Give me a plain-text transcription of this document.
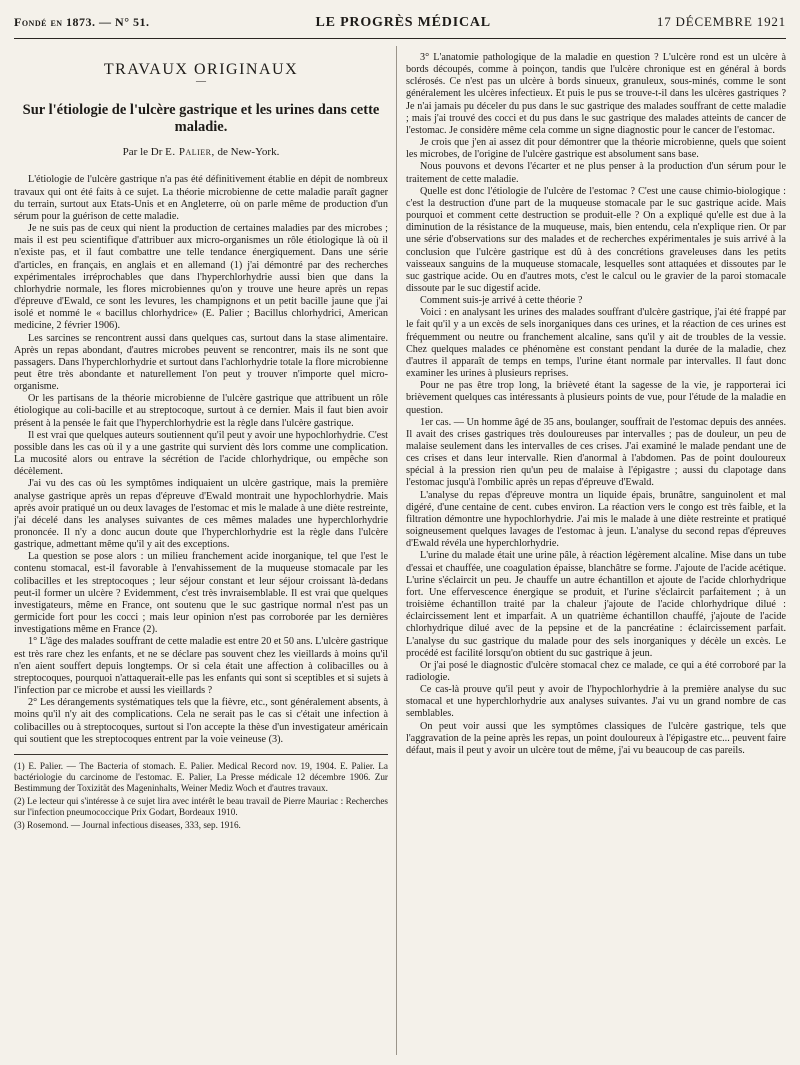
Fondé en 1873. — N° 51.	LE PROGRÈS MÉDICAL	17 DÉCEMBRE 1921
TRAVAUX ORIGINAUX
—
Sur l'étiologie de l'ulcère gastrique et les urines dans cette maladie.
Par le Dr E. Palier, de New-York.

L'étiologie de l'ulcère gastrique n'a pas été définitivement établie en dépit de nombreux travaux qui ont été faits à ce sujet. La théorie microbienne de cette maladie paraît gagner du terrain, surtout aux Etats-Unis et en Angleterre, où on parle même de production d'un sérum pour la guérison de cette maladie.

Je ne suis pas de ceux qui nient la production de certaines maladies par des microbes ; mais il est peu scientifique d'attribuer aux micro-organismes un rôle étiologique là où il n'existe pas, et il faut combattre une telle tendance énergiquement. Dans une série d'articles, en français, en anglais et en allemand (1) j'ai démontré par des recherches expérimentales irréprochables que dans l'hyperchlorhydrie aussi bien que dans la chlorhydrie normale, les flores microbiennes qu'on y trouve une heure après un repas d'épreuve d'Ewald, ce sont les levures, les champignons et un petit bacille jaune que j'ai isolé et nommé le « bacillus chlorhydrice» (E. Palier ; Bacillus chlorhydrici, American medicine, 2 février 1906).

Les sarcines se rencontrent aussi dans quelques cas, surtout dans la stase alimentaire. Après un repas abondant, d'autres microbes peuvent se rencontrer, mais ils ne sont que passagers. Dans l'hyperchlorhydrie et surtout dans l'achlorhydrie totale la flore microbienne peut être très abondante et naturellement l'on peut y trouver n'importe quel micro-organisme.

Or les partisans de la théorie microbienne de l'ulcère gastrique que attribuent un rôle étiologique au coli-bacille et au streptocoque, surtout à ce dernier. Mais il faut bien avoir présent à la pensée le fait que l'hyperchlorhydrie est la règle dans l'ulcère gastrique.

Il est vrai que quelques auteurs soutiennent qu'il peut y avoir une hypochlorhydrie. C'est possible dans les cas où il y a une gastrite qui survient dès lors comme une complication. La mucosité alors ou entrave la sécrétion de l'acide chlorhydrique, ou empêche son décèlement.

J'ai vu des cas où les symptômes indiquaient un ulcère gastrique, mais la première analyse gastrique après un repas d'épreuve d'Ewald montrait une hypochlorhydrie. Mais après avoir pratiqué un ou deux lavages de l'estomac et mis le malade à une diète restreinte, j'ai décelé dans les analyses suivantes de ces mêmes malades une hyperchlorhydrie prononcée. Il n'y a donc aucun doute que l'hyperchlorhydrie est la règle dans l'ulcère gastrique, admettant même qu'il y ait des exceptions.

La question se pose alors : un milieu franchement acide inorganique, tel que l'est le contenu stomacal, est-il favorable à l'envahissement de la muqueuse stomacale par les colibacilles et les streptocoques ; leur séjour constant et leur séjour croissant là-dedans peut-il former un ulcère ? Evidemment, c'est très invraisemblable. Il est vrai que quelques investigateurs, même en France, ont soutenu que le suc gastrique normal n'est pas un germicide fort pour les cocci ; mais leur opinion n'est pas corroborée par les dernières investigations même en France (2).

1° L'âge des malades souffrant de cette maladie est entre 20 et 50 ans. L'ulcère gastrique est très rare chez les enfants, et ne se déclare pas souvent chez les vieillards à moins qu'il n'en aient souffert depuis longtemps. Or si cela était une affection à colibacilles ou à streptocoques, pourquoi n'attaquerait-elle pas les enfants qui sont si sceptibles et si sujets à l'infection par ce microbe et aussi les vieillards ?

2° Les dérangements systématiques tels que la fièvre, etc., sont généralement absents, à moins qu'il n'y ait des complications. Cela ne serait pas le cas si c'était une infection à colibacilles ou à streptocoques, surtout si l'on accepte la thèse d'un investigateur américain qui soutient que les streptocoques entrent par la voie veineuse (3).

(1) E. Palier. — The Bacteria of stomach. E. Palier. Medical Record nov. 19, 1904. E. Palier. La bactériologie du carcinome de l'estomac. E. Palier, La Presse médicale 12 décembre 1906. Zur Bestimmung der Toxizität des Mageninhalts, Weiner Mediz Woch et d'autres travaux.

(2) Le lecteur qui s'intéresse à ce sujet lira avec intérêt le beau travail de Pierre Mauriac : Recherches sur l'infection pneumococcique Prix Godart, Bordeaux 1910.

(3) Rosemond. — Journal infectious diseases, 333, sep. 1916.

3° L'anatomie pathologique de la maladie en question ? L'ulcère rond est un ulcère à bords découpés, comme à poinçon, tandis que l'ulcère chronique est en général à bords sclérosés. Ce n'est pas un ulcère à bords sinueux, granuleux, sous-minés, comme le sont généralement les ulcères infectieux. Et puis le pus se trouve-t-il dans les ulcères gastriques ? Je n'ai jamais pu déceler du pus dans le suc gastrique des malades souffrant de cette maladie ; mais j'ai trouvé des cocci et du pus dans le suc gastrique des malades atteints de cancer de l'estomac. Je considère même cela comme un signe diagnostic pour le cancer de l'estomac.

Je crois que j'en ai assez dit pour démontrer que la théorie microbienne, quels que soient les microbes, de l'origine de l'ulcère gastrique est absolument sans base.

Nous pouvons et devons l'écarter et ne plus penser à la production d'un sérum pour le traitement de cette maladie.

Quelle est donc l'étiologie de l'ulcère de l'estomac ? C'est une cause chimio-biologique : c'est la destruction d'une part de la muqueuse stomacale par le suc gastrique acide. Mais pourquoi et comment cette destruction se produit-elle ? On a expliqué qu'elle est due à la diminution de la résistance de la muqueuse, mais, bien entendu, cela n'explique rien. Or par une série d'observations sur des malades et de recherches expérimentales je suis arrivé à la conclusion que l'ulcère gastrique est dû à des concrétions graveleuses dans les petits vaisseaux sanguins de la muqueuse stomacale, lesquelles sont attaquées et dissoutes par le suc gastrique acide. Ou en d'autres mots, c'est le calcul ou le gravier de la paroi stomacale dissoute par le suc digestif acide.

Comment suis-je arrivé à cette théorie ?

Voici : en analysant les urines des malades souffrant d'ulcère gastrique, j'ai été frappé par le fait qu'il y a un excès de sels inorganiques dans ces urines, et la réaction de ces urines est fréquemment ou neutre ou franchement alcaline, sans qu'il y ait de troubles de la vessie. Chez quelques malades ce phénomène est constant pendant la durée de la maladie, chez d'autres il apparaît de temps en temps, l'urine étant normale par intervalles. Il faut donc examiner les urines à plusieurs reprises.

Pour ne pas être trop long, la brièveté étant la sagesse de la vie, je rapporterai ici brièvement quelques cas intéressants à plusieurs points de vue, pour l'étude de la maladie en question.

1er cas. — Un homme âgé de 35 ans, boulanger, souffrait de l'estomac depuis des années. Il avait des crises gastriques très douloureuses par intervalles ; pas de douleur, un peu de malaise seulement dans les intervalles de ces crises. J'ai examiné le malade pendant une de ces crises et dans leur intervalle. Rien d'anormal à l'abdomen. Pas de point douloureux spécial à la pression rien qu'un peu de malaise à l'épigastre ; aussi du clapotage dans l'estomac jusqu'à l'ombilic après un repas d'épreuve d'Ewald.

L'analyse du repas d'épreuve montra un liquide épais, brunâtre, sanguinolent et mal digéré, d'une centaine de cent. cubes environ. La réaction vers le congo est très faible, et la filtration démontre une hypochlorhydrie. J'ai mis le malade à une diète restreinte et pratiqué soigneusement quelques lavages de l'estomac à jeun. L'analyse du second repas d'épreuves d'Ewald révéla une hyperchlorhydrie.

L'urine du malade était une urine pâle, à réaction légèrement alcaline. Mise dans un tube d'essai et chauffée, une coagulation épaisse, blanchâtre se forme. J'ajoute de l'acide acétique. L'urine s'éclaircit un peu. Je chauffe un autre échantillon et ajoute de l'acide chlorhydrique fort. Une effervescence énergique se produit, et l'urine s'éclaircit parfaitement ; à un troisième échantillon traité par la chaleur j'ajoute de l'acide chlorhydrique dilué : éclaircissement lent et imparfait. A un quatrième échantillon chauffé, j'ajoute de l'acide chlorhydrique dilué avec de la pepsine et de la pancréatine : éclaircissement parfait. L'analyse du suc gastrique du malade pour des sels inorganiques y décèle un excès. Le procédé est facilité lorsqu'on obtient du suc gastrique à jeun.

Or j'ai posé le diagnostic d'ulcère stomacal chez ce malade, ce qui a été corroboré par la radiologie.

Ce cas-là prouve qu'il peut y avoir de l'hypochlorhydrie à la première analyse du suc stomacal et une hyperchlorhydrie aux analyses suivantes. J'ai vu un grand nombre de cas semblables.

On peut voir aussi que les symptômes classiques de l'ulcère gastrique, tels que l'aggravation de la peine après les repas, un point douloureux à l'épigastre etc... peuvent faire défaut, mais il peut y avoir un ulcère tout de même, j'ai vu beaucoup de cas pareils.
